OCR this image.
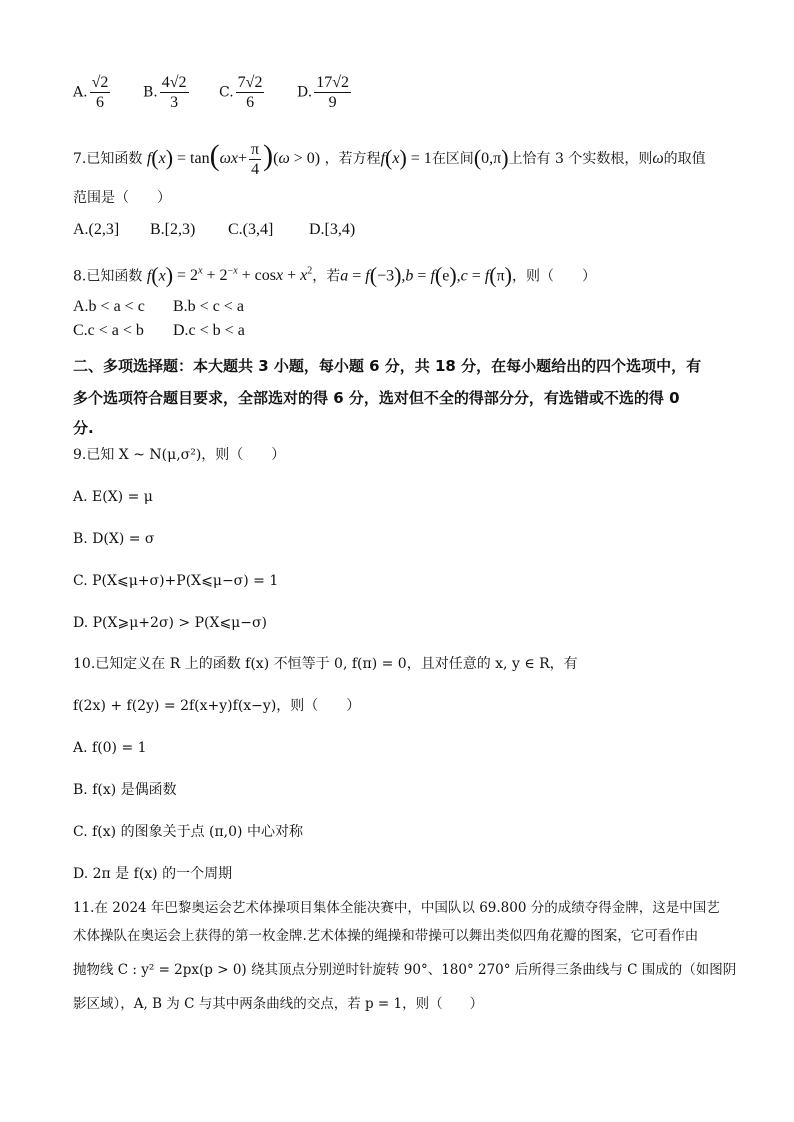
A. $\frac{√2}{6} B$. $\frac{4√2}{3} C$. $\frac{7√2}{6} D$. $\frac{17√2}{9}$
7.已知函数 $f(x) = \tan(\omega x+ \frac{\pi}{4} )(\omega > 0)$ ，若方程f(x) = 1在区间(0,π)上恰有 3 个实数根，则ω的取值
范围是（　　）
A.(2,3] B.[2,3) C.(3,4] D.[3,4)
8.已知函数 $f(x) = 2^x + 2^{-x} + \cos x + x^2$，若a = f(−3),b = f(e),c = f(π)，则（　　）
A.b < a < c B.b < c < a
C.c < a < b D.c < b < a
二、多项选择题：本大题共 3 小题，每小题 6 分，共 18 分，在每小题给出的四个选项中，有
多个选项符合题目要求，全部选对的得 6 分，选对但不全的得部分分，有选错或不选的得 0
分.
9.已知 X ~ N(μ,σ²)，则（　　）
A. E(X) = μ
B. D(X) = σ
C. P(X⩽μ+σ)+P(X⩽μ−σ) = 1
D. P(X⩾μ+2σ) > P(X⩽μ−σ)
10.已知定义在 R 上的函数 f(x) 不恒等于 0, f(π) = 0，且对任意的 x, y ∈ R，有
f(2x) + f(2y) = 2f(x+y)f(x−y)，则（　　）
A. f(0) = 1
B. f(x) 是偶函数
C. f(x) 的图象关于点 (π,0) 中心对称
D. 2π 是 f(x) 的一个周期
11.在 2024 年巴黎奥运会艺术体操项目集体全能决赛中，中国队以 69.800 分的成绩夺得金牌，这是中国艺
术体操队在奥运会上获得的第一枚金牌.艺术体操的绳操和带操可以舞出类似四角花瓣的图案，它可看作由
抛物线 C : y² = 2px(p > 0) 绕其顶点分别逆时针旋转 90°、180° 270° 后所得三条曲线与 C 围成的（如图阴
影区域），A, B 为 C 与其中两条曲线的交点，若 p = 1，则（　　）
